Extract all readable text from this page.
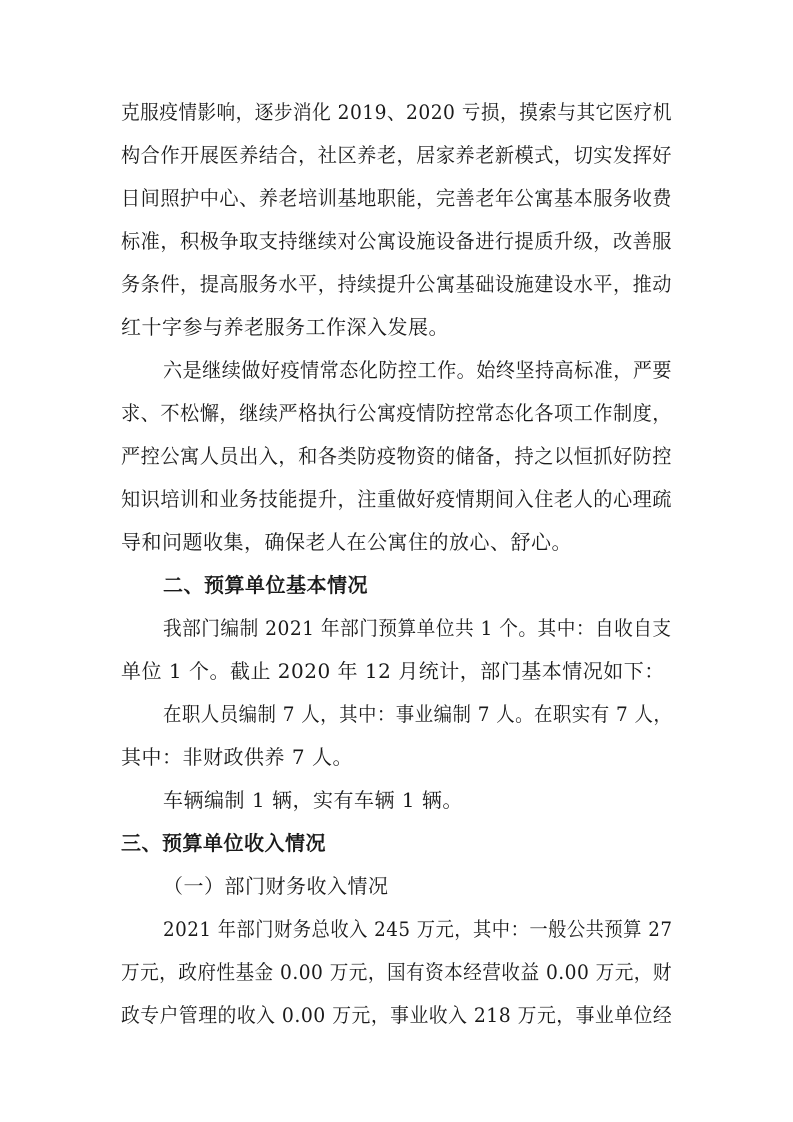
克服疫情影响，逐步消化 2019、2020 亏损，摸索与其它医疗机
构合作开展医养结合，社区养老，居家养老新模式，切实发挥好
日间照护中心、养老培训基地职能，完善老年公寓基本服务收费
标准，积极争取支持继续对公寓设施设备进行提质升级，改善服
务条件，提高服务水平，持续提升公寓基础设施建设水平，推动
红十字参与养老服务工作深入发展。
六是继续做好疫情常态化防控工作。始终坚持高标准，严要
求、不松懈，继续严格执行公寓疫情防控常态化各项工作制度，
严控公寓人员出入，和各类防疫物资的储备，持之以恒抓好防控
知识培训和业务技能提升，注重做好疫情期间入住老人的心理疏
导和问题收集，确保老人在公寓住的放心、舒心。
二、预算单位基本情况
我部门编制 2021 年部门预算单位共 1 个。其中：自收自支
单位 1 个。截止 2020 年 12 月统计，部门基本情况如下：
在职人员编制 7 人，其中：事业编制 7 人。在职实有 7 人，
其中：非财政供养 7 人。
车辆编制 1 辆，实有车辆 1 辆。
三、预算单位收入情况
（一）部门财务收入情况
2021 年部门财务总收入 245 万元，其中：一般公共预算 27
万元，政府性基金 0.00 万元，国有资本经营收益 0.00 万元，财
政专户管理的收入 0.00 万元，事业收入 218 万元，事业单位经
